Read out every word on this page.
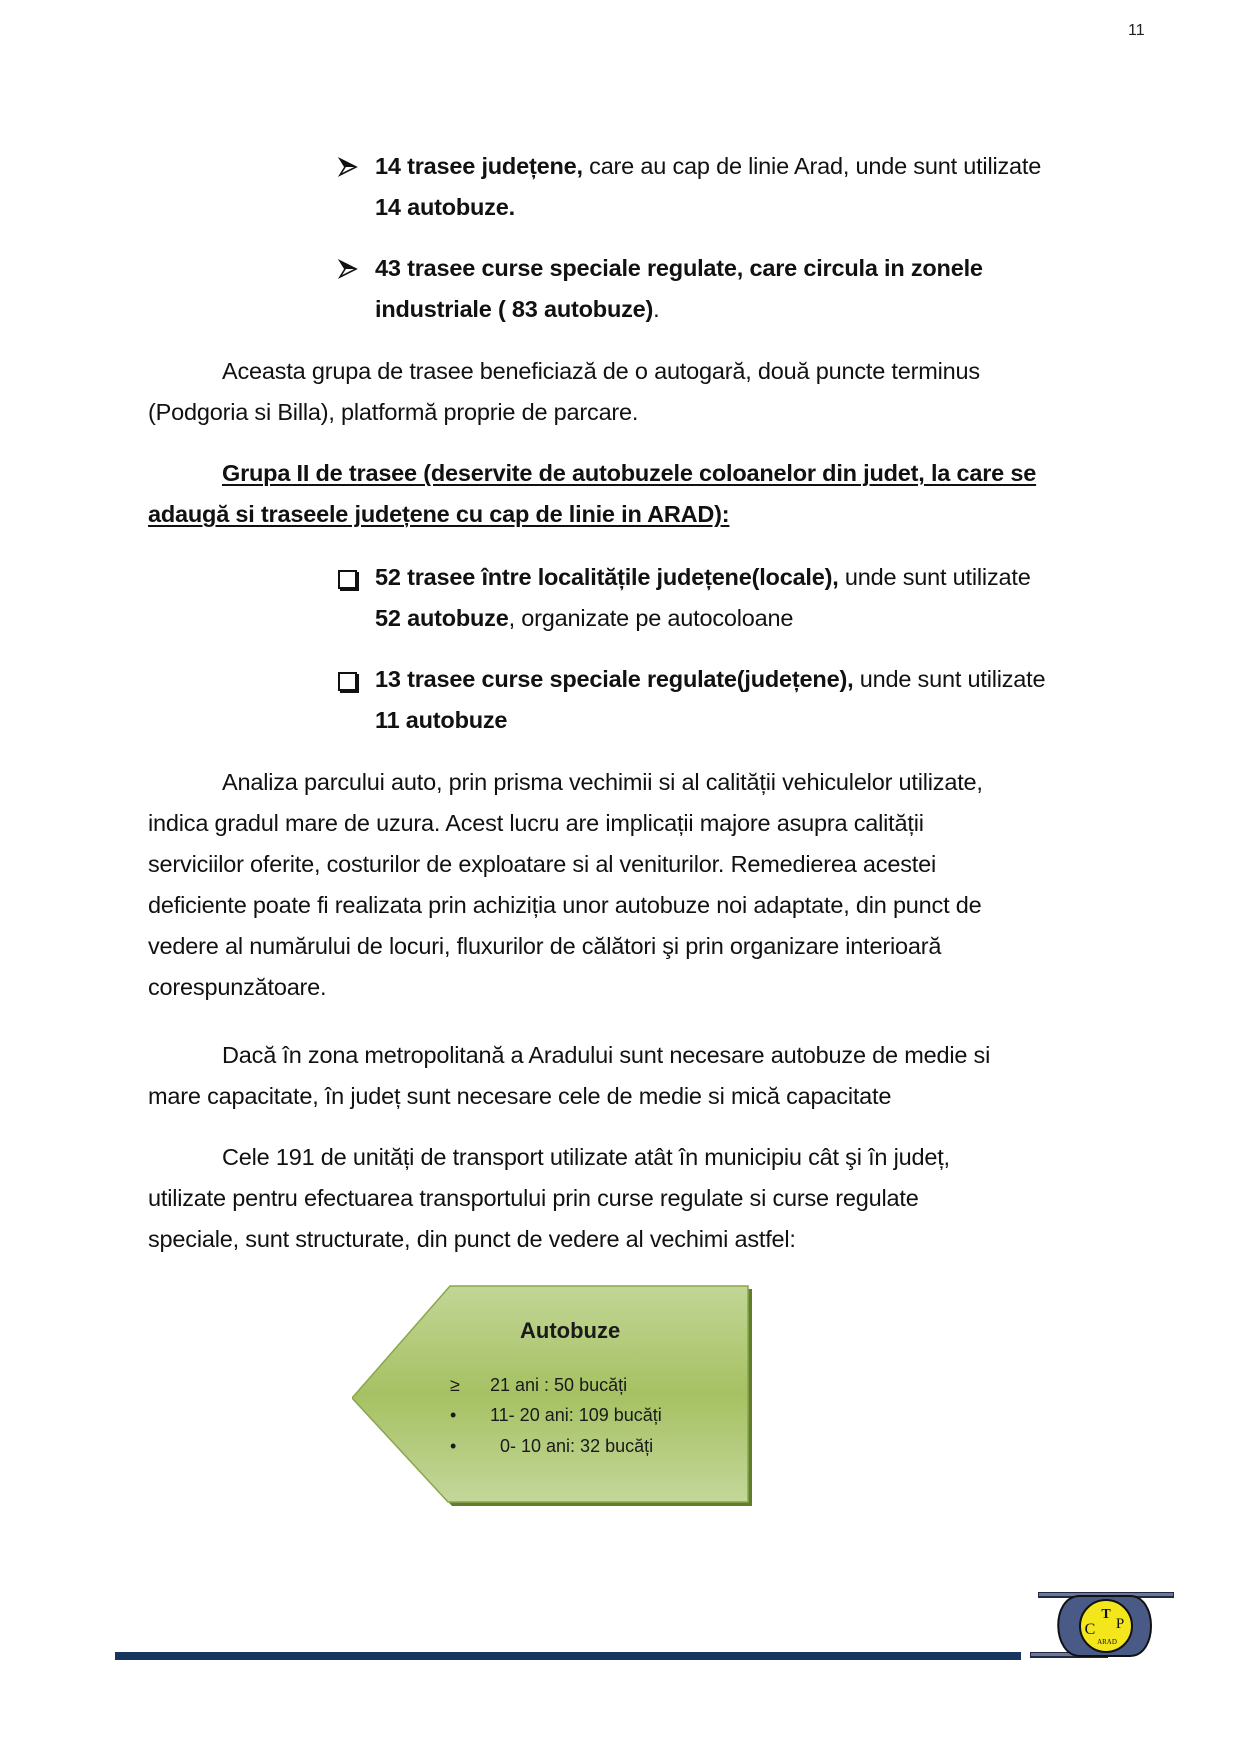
11
14 trasee județene, care au cap de linie Arad, unde sunt utilizate
14 autobuze.
43 trasee curse speciale regulate, care circula in zonele
industriale ( 83 autobuze).
Aceasta grupa de trasee beneficiază de o autogară, două puncte terminus
(Podgoria si Billa), platformă proprie de parcare.
Grupa II de trasee (deservite de autobuzele coloanelor din judet, la care se
adaugă si traseele județene cu cap de linie in ARAD):
52 trasee între localitățile județene(locale), unde sunt utilizate
52 autobuze, organizate pe autocoloane
13 trasee curse speciale regulate(județene), unde sunt utilizate
11 autobuze
Analiza parcului auto, prin prisma vechimii si al calității vehiculelor utilizate,
indica gradul mare de uzura. Acest lucru are implicații majore asupra calității
serviciilor oferite, costurilor de exploatare si al veniturilor. Remedierea acestei
deficiente poate fi realizata prin achiziția unor autobuze noi adaptate, din punct de
vedere al numărului de locuri, fluxurilor de călători şi prin organizare interioară
corespunzătoare.
Dacă în zona metropolitană a Aradului sunt necesare autobuze de medie si
mare capacitate, în județ sunt necesare cele de medie si mică capacitate
Cele 191 de unități de transport utilizate atât în municipiu cât şi în județ,
utilizate pentru efectuarea transportului prin curse regulate si curse regulate
speciale, sunt structurate, din punct de vedere al vechimi astfel:
Autobuze
≥ 21 ani : 50 bucăți
• 11- 20 ani: 109 bucăți
• 0- 10 ani: 32 bucăți
T
C P
ARAD
